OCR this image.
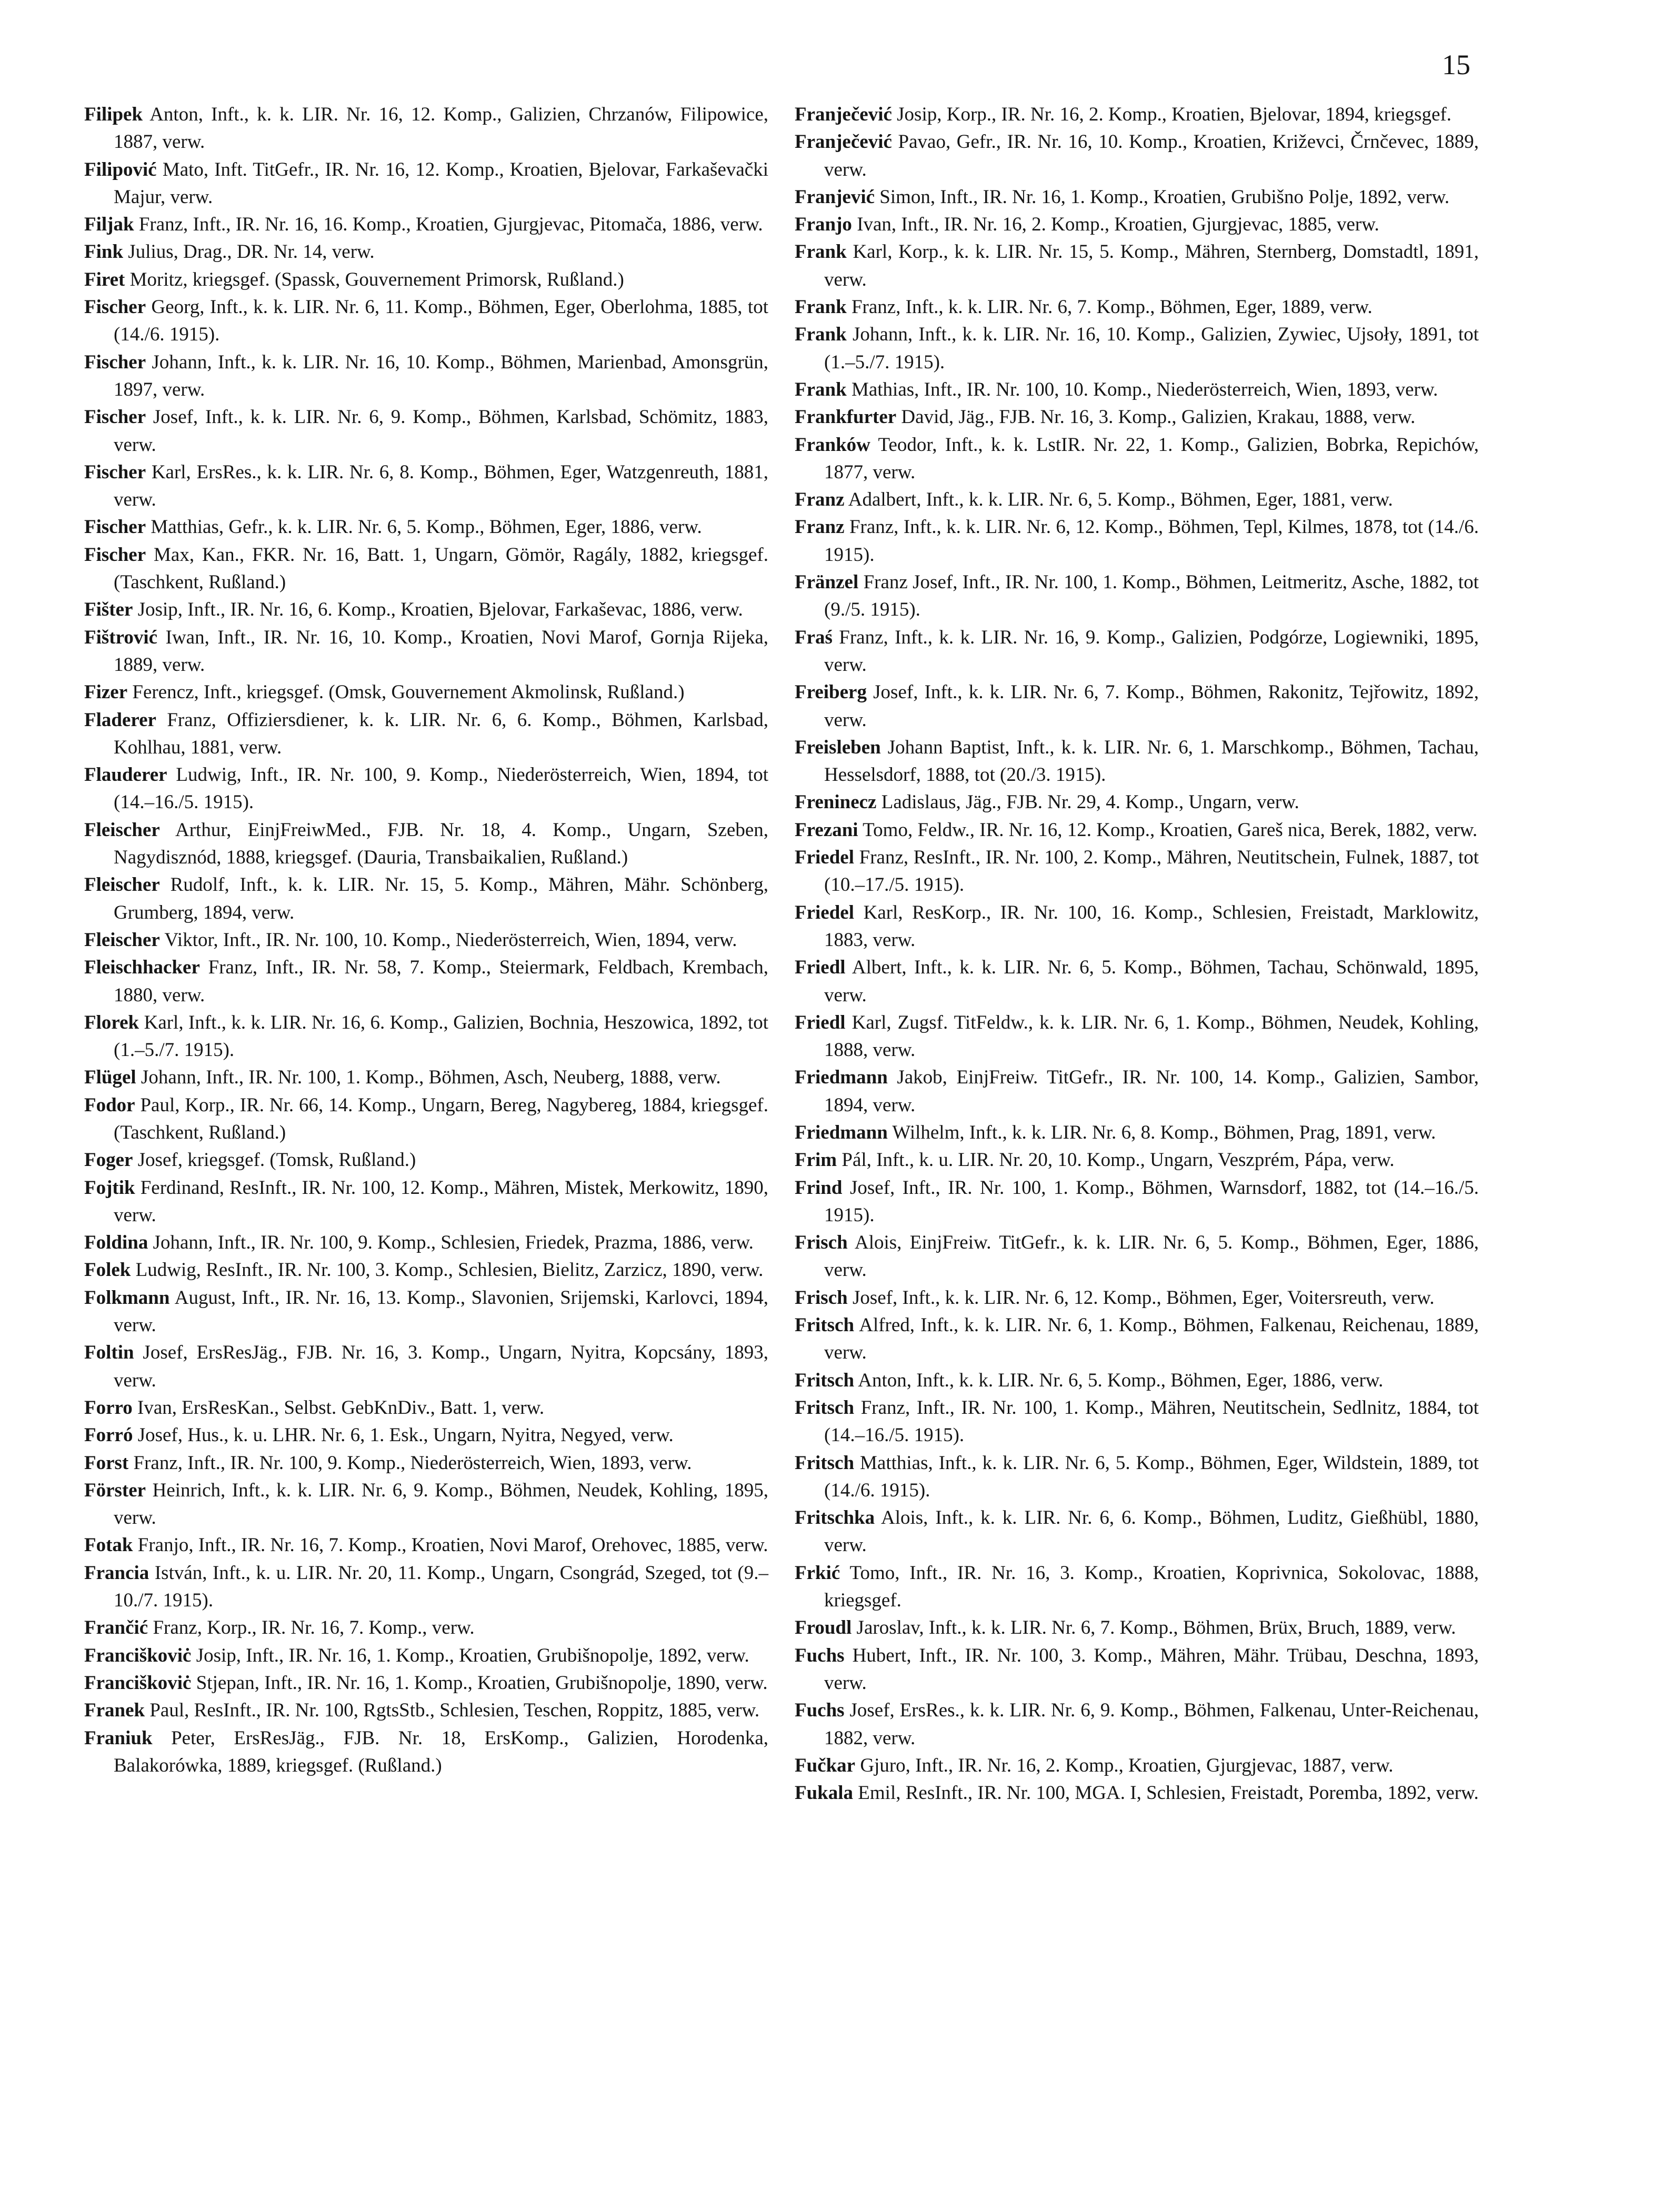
15

Filipek Anton, Inft., k. k. LIR. Nr. 16, 12. Komp., Galizien, Chrzanów, Filipowice, 1887, verw.

Filipović Mato, Inft. TitGefr., IR. Nr. 16, 12. Komp., Kroatien, Bjelovar, Farkaševački Majur, verw.

Filjak Franz, Inft., IR. Nr. 16, 16. Komp., Kroatien, Gjurgjevac, Pitomača, 1886, verw.

Fink Julius, Drag., DR. Nr. 14, verw.

Firet Moritz, kriegsgef. (Spassk, Gouvernement Primorsk, Rußland.)

Fischer Georg, Inft., k. k. LIR. Nr. 6, 11. Komp., Böhmen, Eger, Oberlohma, 1885, tot (14./6. 1915).

Fischer Johann, Inft., k. k. LIR. Nr. 16, 10. Komp., Böhmen, Marienbad, Amonsgrün, 1897, verw.

Fischer Josef, Inft., k. k. LIR. Nr. 6, 9. Komp., Böhmen, Karlsbad, Schömitz, 1883, verw.

Fischer Karl, ErsRes., k. k. LIR. Nr. 6, 8. Komp., Böhmen, Eger, Watzgenreuth, 1881, verw.

Fischer Matthias, Gefr., k. k. LIR. Nr. 6, 5. Komp., Böhmen, Eger, 1886, verw.

Fischer Max, Kan., FKR. Nr. 16, Batt. 1, Ungarn, Gömör, Ragály, 1882, kriegsgef. (Taschkent, Rußland.)

Fišter Josip, Inft., IR. Nr. 16, 6. Komp., Kroatien, Bjelovar, Farkaševac, 1886, verw.

Fištrović Iwan, Inft., IR. Nr. 16, 10. Komp., Kroatien, Novi Marof, Gornja Rijeka, 1889, verw.

Fizer Ferencz, Inft., kriegsgef. (Omsk, Gouvernement Akmolinsk, Rußland.)

Fladerer Franz, Offiziersdiener, k. k. LIR. Nr. 6, 6. Komp., Böhmen, Karlsbad, Kohlhau, 1881, verw.

Flauderer Ludwig, Inft., IR. Nr. 100, 9. Komp., Niederösterreich, Wien, 1894, tot (14.–16./5. 1915).

Fleischer Arthur, EinjFreiwMed., FJB. Nr. 18, 4. Komp., Ungarn, Szeben, Nagydisznód, 1888, kriegsgef. (Dauria, Transbaikalien, Rußland.)

Fleischer Rudolf, Inft., k. k. LIR. Nr. 15, 5. Komp., Mähren, Mähr. Schönberg, Grumberg, 1894, verw.

Fleischer Viktor, Inft., IR. Nr. 100, 10. Komp., Niederösterreich, Wien, 1894, verw.

Fleischhacker Franz, Inft., IR. Nr. 58, 7. Komp., Steiermark, Feldbach, Krembach, 1880, verw.

Florek Karl, Inft., k. k. LIR. Nr. 16, 6. Komp., Galizien, Bochnia, Heszowica, 1892, tot (1.–5./7. 1915).

Flügel Johann, Inft., IR. Nr. 100, 1. Komp., Böhmen, Asch, Neuberg, 1888, verw.

Fodor Paul, Korp., IR. Nr. 66, 14. Komp., Ungarn, Bereg, Nagybereg, 1884, kriegsgef. (Taschkent, Rußland.)

Foger Josef, kriegsgef. (Tomsk, Rußland.)

Fojtik Ferdinand, ResInft., IR. Nr. 100, 12. Komp., Mähren, Mistek, Merkowitz, 1890, verw.

Foldina Johann, Inft., IR. Nr. 100, 9. Komp., Schlesien, Friedek, Prazma, 1886, verw.

Folek Ludwig, ResInft., IR. Nr. 100, 3. Komp., Schlesien, Bielitz, Zarzicz, 1890, verw.

Folkmann August, Inft., IR. Nr. 16, 13. Komp., Slavonien, Srijemski, Karlovci, 1894, verw.

Foltin Josef, ErsResJäg., FJB. Nr. 16, 3. Komp., Ungarn, Nyitra, Kopcsány, 1893, verw.

Forro Ivan, ErsResKan., Selbst. GebKnDiv., Batt. 1, verw.

Forró Josef, Hus., k. u. LHR. Nr. 6, 1. Esk., Ungarn, Nyitra, Negyed, verw.

Forst Franz, Inft., IR. Nr. 100, 9. Komp., Niederösterreich, Wien, 1893, verw.

Förster Heinrich, Inft., k. k. LIR. Nr. 6, 9. Komp., Böhmen, Neudek, Kohling, 1895, verw.

Fotak Franjo, Inft., IR. Nr. 16, 7. Komp., Kroatien, Novi Marof, Orehovec, 1885, verw.

Francia István, Inft., k. u. LIR. Nr. 20, 11. Komp., Ungarn, Csongrád, Szeged, tot (9.–10./7. 1915).

Frančić Franz, Korp., IR. Nr. 16, 7. Komp., verw.

Franciškoviċ Josip, Inft., IR. Nr. 16, 1. Komp., Kroatien, Grubišnopolje, 1892, verw.

Franciškoviċ Stjepan, Inft., IR. Nr. 16, 1. Komp., Kroatien, Grubišnopolje, 1890, verw.

Franek Paul, ResInft., IR. Nr. 100, RgtsStb., Schlesien, Teschen, Roppitz, 1885, verw.

Franiuk Peter, ErsResJäg., FJB. Nr. 18, ErsKomp., Galizien, Horodenka, Balakorówka, 1889, kriegsgef. (Rußland.)

Franječević Josip, Korp., IR. Nr. 16, 2. Komp., Kroatien, Bjelovar, 1894, kriegsgef.

Franječević Pavao, Gefr., IR. Nr. 16, 10. Komp., Kroatien, Križevci, Črnčevec, 1889, verw.

Franjević Simon, Inft., IR. Nr. 16, 1. Komp., Kroatien, Grubišno Polje, 1892, verw.

Franjo Ivan, Inft., IR. Nr. 16, 2. Komp., Kroatien, Gjurgjevac, 1885, verw.

Frank Karl, Korp., k. k. LIR. Nr. 15, 5. Komp., Mähren, Sternberg, Domstadtl, 1891, verw.

Frank Franz, Inft., k. k. LIR. Nr. 6, 7. Komp., Böhmen, Eger, 1889, verw.

Frank Johann, Inft., k. k. LIR. Nr. 16, 10. Komp., Galizien, Zywiec, Ujsoły, 1891, tot (1.–5./7. 1915).

Frank Mathias, Inft., IR. Nr. 100, 10. Komp., Niederösterreich, Wien, 1893, verw.

Frankfurter David, Jäg., FJB. Nr. 16, 3. Komp., Galizien, Krakau, 1888, verw.

Franków Teodor, Inft., k. k. LstIR. Nr. 22, 1. Komp., Galizien, Bobrka, Repichów, 1877, verw.

Franz Adalbert, Inft., k. k. LIR. Nr. 6, 5. Komp., Böhmen, Eger, 1881, verw.

Franz Franz, Inft., k. k. LIR. Nr. 6, 12. Komp., Böhmen, Tepl, Kilmes, 1878, tot (14./6. 1915).

Fränzel Franz Josef, Inft., IR. Nr. 100, 1. Komp., Böhmen, Leitmeritz, Asche, 1882, tot (9./5. 1915).

Fraś Franz, Inft., k. k. LIR. Nr. 16, 9. Komp., Galizien, Podgórze, Logiewniki, 1895, verw.

Freiberg Josef, Inft., k. k. LIR. Nr. 6, 7. Komp., Böhmen, Rakonitz, Tejřowitz, 1892, verw.

Freisleben Johann Baptist, Inft., k. k. LIR. Nr. 6, 1. Marschkomp., Böhmen, Tachau, Hesselsdorf, 1888, tot (20./3. 1915).

Freninecz Ladislaus, Jäg., FJB. Nr. 29, 4. Komp., Ungarn, verw.

Frezani Tomo, Feldw., IR. Nr. 16, 12. Komp., Kroatien, Gareš nica, Berek, 1882, verw.

Friedel Franz, ResInft., IR. Nr. 100, 2. Komp., Mähren, Neutitschein, Fulnek, 1887, tot (10.–17./5. 1915).

Friedel Karl, ResKorp., IR. Nr. 100, 16. Komp., Schlesien, Freistadt, Marklowitz, 1883, verw.

Friedl Albert, Inft., k. k. LIR. Nr. 6, 5. Komp., Böhmen, Tachau, Schönwald, 1895, verw.

Friedl Karl, Zugsf. TitFeldw., k. k. LIR. Nr. 6, 1. Komp., Böhmen, Neudek, Kohling, 1888, verw.

Friedmann Jakob, EinjFreiw. TitGefr., IR. Nr. 100, 14. Komp., Galizien, Sambor, 1894, verw.

Friedmann Wilhelm, Inft., k. k. LIR. Nr. 6, 8. Komp., Böhmen, Prag, 1891, verw.

Frim Pál, Inft., k. u. LIR. Nr. 20, 10. Komp., Ungarn, Veszprém, Pápa, verw.

Frind Josef, Inft., IR. Nr. 100, 1. Komp., Böhmen, Warnsdorf, 1882, tot (14.–16./5. 1915).

Frisch Alois, EinjFreiw. TitGefr., k. k. LIR. Nr. 6, 5. Komp., Böhmen, Eger, 1886, verw.

Frisch Josef, Inft., k. k. LIR. Nr. 6, 12. Komp., Böhmen, Eger, Voitersreuth, verw.

Fritsch Alfred, Inft., k. k. LIR. Nr. 6, 1. Komp., Böhmen, Falkenau, Reichenau, 1889, verw.

Fritsch Anton, Inft., k. k. LIR. Nr. 6, 5. Komp., Böhmen, Eger, 1886, verw.

Fritsch Franz, Inft., IR. Nr. 100, 1. Komp., Mähren, Neutitschein, Sedlnitz, 1884, tot (14.–16./5. 1915).

Fritsch Matthias, Inft., k. k. LIR. Nr. 6, 5. Komp., Böhmen, Eger, Wildstein, 1889, tot (14./6. 1915).

Fritschka Alois, Inft., k. k. LIR. Nr. 6, 6. Komp., Böhmen, Luditz, Gießhübl, 1880, verw.

Frkić Tomo, Inft., IR. Nr. 16, 3. Komp., Kroatien, Koprivnica, Sokolovac, 1888, kriegsgef.

Froudl Jaroslav, Inft., k. k. LIR. Nr. 6, 7. Komp., Böhmen, Brüx, Bruch, 1889, verw.

Fuchs Hubert, Inft., IR. Nr. 100, 3. Komp., Mähren, Mähr. Trübau, Deschna, 1893, verw.

Fuchs Josef, ErsRes., k. k. LIR. Nr. 6, 9. Komp., Böhmen, Falkenau, Unter-Reichenau, 1882, verw.

Fučkar Gjuro, Inft., IR. Nr. 16, 2. Komp., Kroatien, Gjurgjevac, 1887, verw.

Fukala Emil, ResInft., IR. Nr. 100, MGA. I, Schlesien, Freistadt, Poremba, 1892, verw.
